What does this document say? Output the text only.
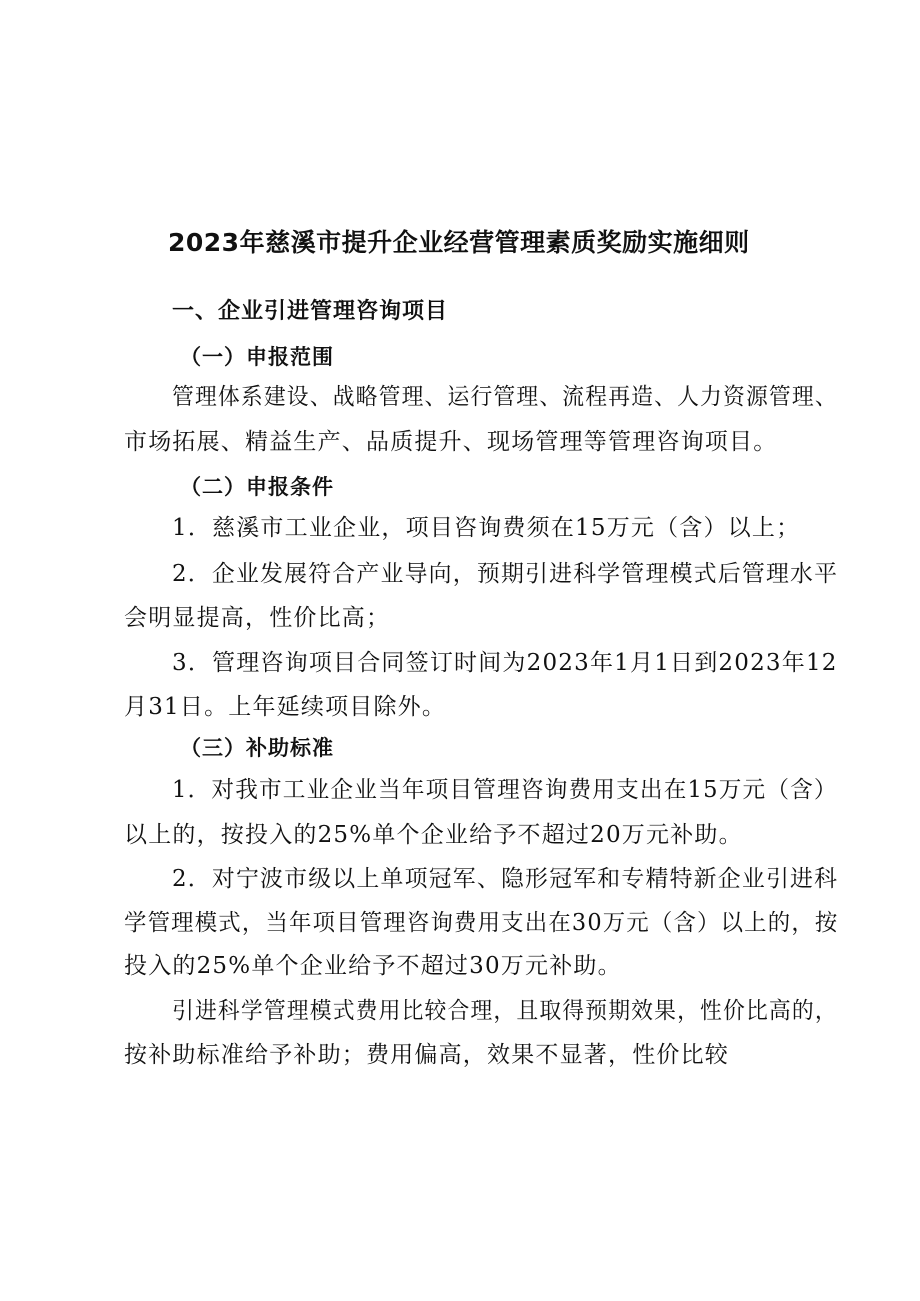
2023年慈溪市提升企业经营管理素质奖励实施细则
一、企业引进管理咨询项目
（一）申报范围
管理体系建设、战略管理、运行管理、流程再造、人力资源管理、
市场拓展、精益生产、品质提升、现场管理等管理咨询项目。
（二）申报条件
1．慈溪市工业企业，项目咨询费须在15万元（含）以上；
2．企业发展符合产业导向，预期引进科学管理模式后管理水平
会明显提高，性价比高；
3．管理咨询项目合同签订时间为2023年1月1日到2023年12
月31日。上年延续项目除外。
（三）补助标准
1．对我市工业企业当年项目管理咨询费用支出在15万元（含）
以上的，按投入的25%单个企业给予不超过20万元补助。
2．对宁波市级以上单项冠军、隐形冠军和专精特新企业引进科
学管理模式，当年项目管理咨询费用支出在30万元（含）以上的，按
投入的25%单个企业给予不超过30万元补助。
引进科学管理模式费用比较合理，且取得预期效果，性价比高的，
按补助标准给予补助；费用偏高，效果不显著，性价比较
